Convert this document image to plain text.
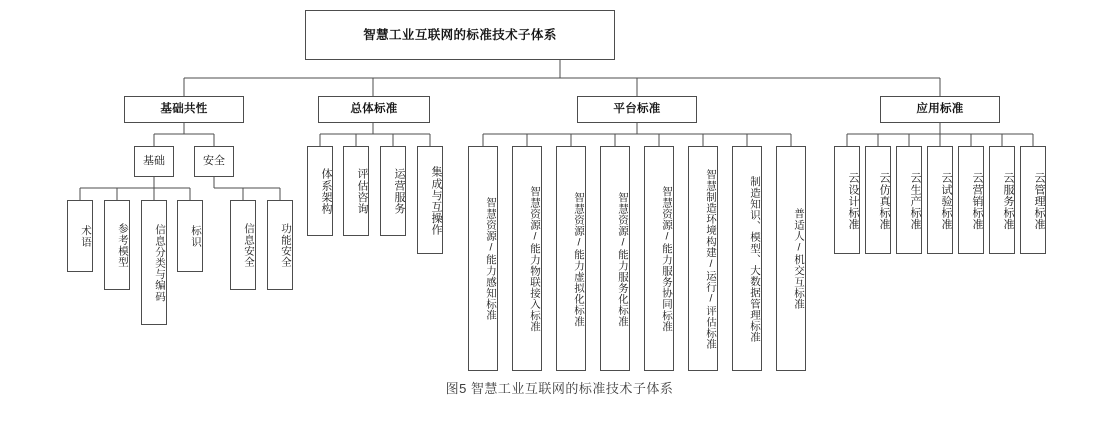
智慧工业互联网的标准技术子体系
基础共性	总体标准	平台标准	应用标准
基础	安全
术语	参考模型	信息分类与编码	标识	信息安全	功能安全
体系架构	评估咨询	运营服务	集成与互操作	智慧资源/能力感知标准	智慧资源/能力物联接入标准	智慧资源/能力虚拟化标准	智慧资源/能力服务化标准	智慧资源/能力服务协同标准	智慧制造环境构建/运行/评估标准	制造知识、模型、大数据管理标准	普适人/机交互标准
云设计标准	云仿真标准	云生产标准	云试验标准	云营销标准	云服务标准	云管理标准
图5 智慧工业互联网的标准技术子体系
